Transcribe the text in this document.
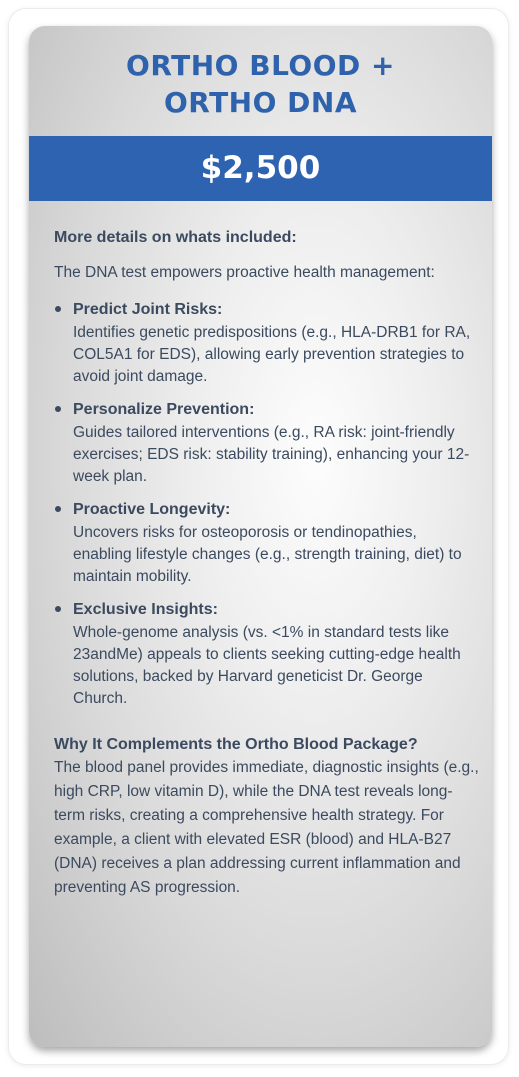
ORTHO BLOOD +
ORTHO DNA
$2,500

More details on whats included:

The DNA test empowers proactive health management:

Predict Joint Risks:
Identifies genetic predispositions (e.g., HLA-DRB1 for RA, COL5A1 for EDS), allowing early prevention strategies to avoid joint damage.
Personalize Prevention:
Guides tailored interventions (e.g., RA risk: joint-friendly exercises; EDS risk: stability training), enhancing your 12-week plan.
Proactive Longevity:
Uncovers risks for osteoporosis or tendinopathies, enabling lifestyle changes (e.g., strength training, diet) to maintain mobility.
Exclusive Insights:
Whole-genome analysis (vs. <1% in standard tests like 23andMe) appeals to clients seeking cutting-edge health solutions, backed by Harvard geneticist Dr. George Church.

Why It Complements the Ortho Blood Package?

The blood panel provides immediate, diagnostic insights (e.g., high CRP, low vitamin D), while the DNA test reveals long-term risks, creating a comprehensive health strategy. For example, a client with elevated ESR (blood) and HLA-B27 (DNA) receives a plan addressing current inflammation and preventing AS progression.
